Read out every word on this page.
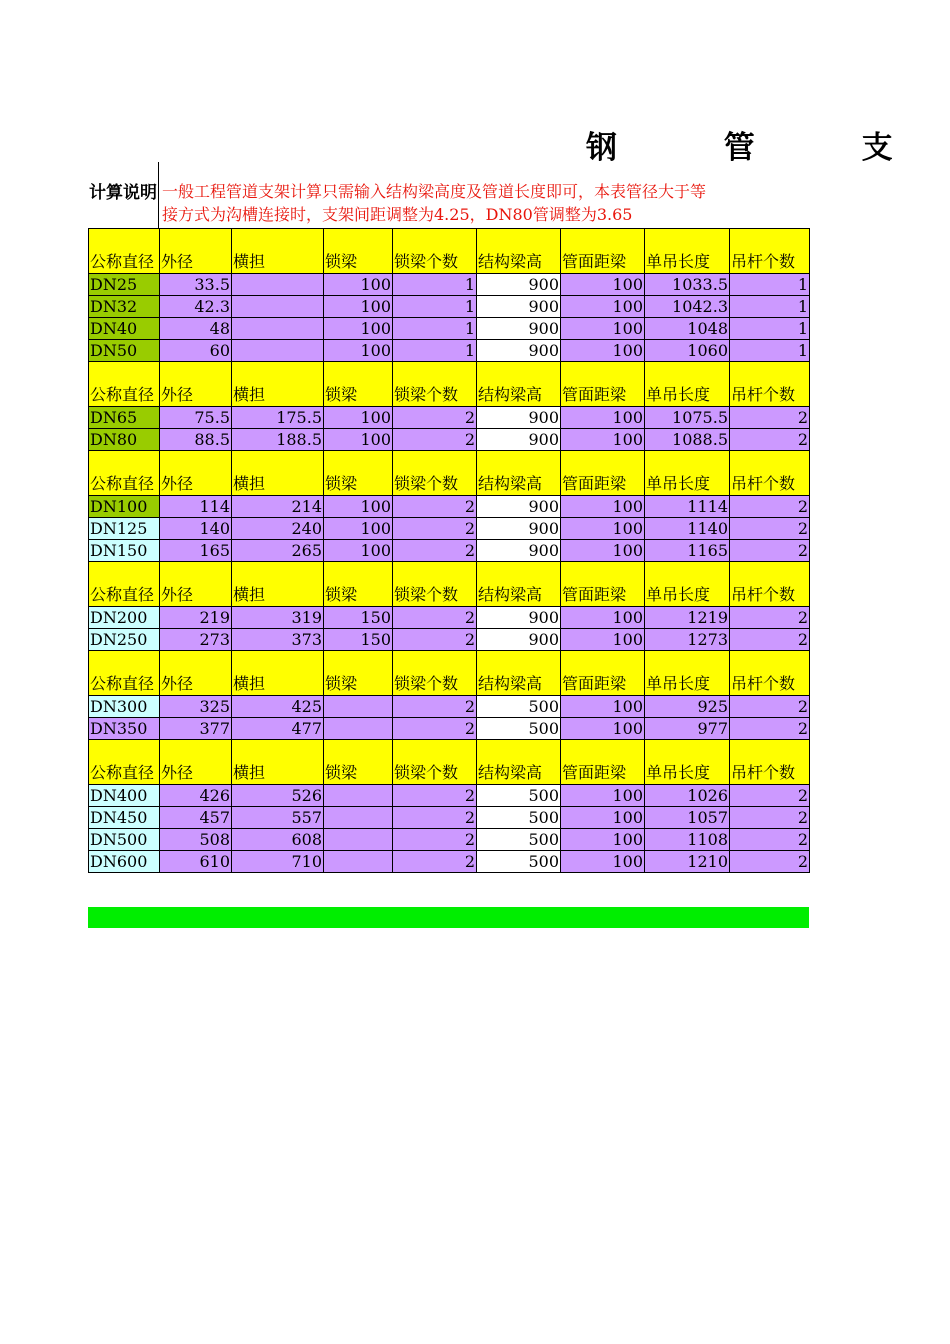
钢 管 支
计算说明 一般工程管道支架计算只需输入结构梁高度及管道长度即可，本表管径大于等
接方式为沟槽连接时，支架间距调整为4.25，DN80管调整为3.65
公称直径	外径	横担	锁梁	锁梁个数	结构梁高	管面距梁	单吊长度	吊杆个数
DN25	33.5		100	1	900	100	1033.5	1
DN32	42.3		100	1	900	100	1042.3	1
DN40	48		100	1	900	100	1048	1
DN50	60		100	1	900	100	1060	1
公称直径	外径	横担	锁梁	锁梁个数	结构梁高	管面距梁	单吊长度	吊杆个数
DN65	75.5	175.5	100	2	900	100	1075.5	2
DN80	88.5	188.5	100	2	900	100	1088.5	2
公称直径	外径	横担	锁梁	锁梁个数	结构梁高	管面距梁	单吊长度	吊杆个数
DN100	114	214	100	2	900	100	1114	2
DN125	140	240	100	2	900	100	1140	2
DN150	165	265	100	2	900	100	1165	2
公称直径	外径	横担	锁梁	锁梁个数	结构梁高	管面距梁	单吊长度	吊杆个数
DN200	219	319	150	2	900	100	1219	2
DN250	273	373	150	2	900	100	1273	2
公称直径	外径	横担	锁梁	锁梁个数	结构梁高	管面距梁	单吊长度	吊杆个数
DN300	325	425		2	500	100	925	2
DN350	377	477		2	500	100	977	2
公称直径	外径	横担	锁梁	锁梁个数	结构梁高	管面距梁	单吊长度	吊杆个数
DN400	426	526		2	500	100	1026	2
DN450	457	557		2	500	100	1057	2
DN500	508	608		2	500	100	1108	2
DN600	610	710		2	500	100	1210	2
